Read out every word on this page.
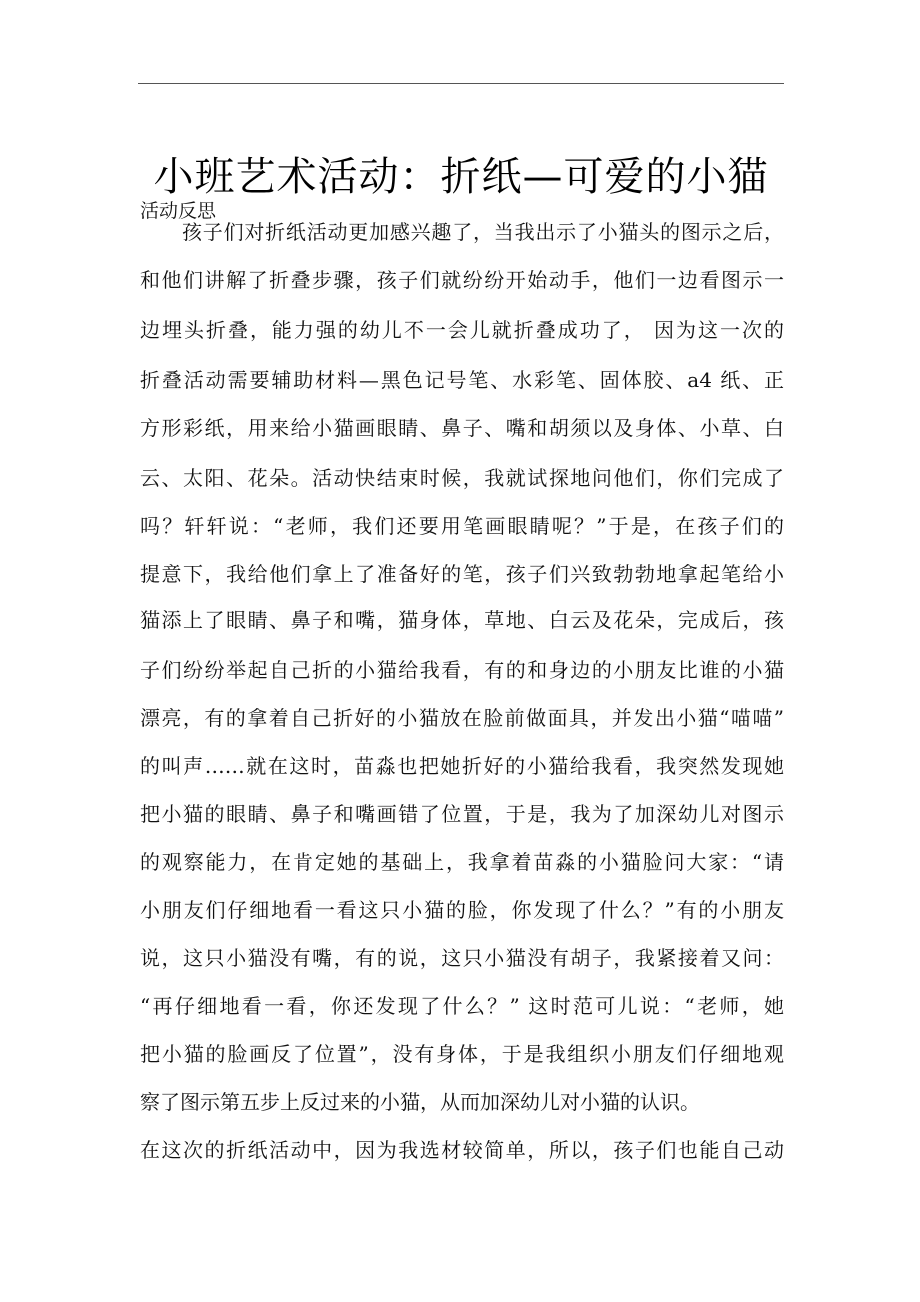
小班艺术活动：折纸—可爱的小猫
活动反思
孩子们对折纸活动更加感兴趣了，当我出示了小猫头的图示之后，
和他们讲解了折叠步骤，孩子们就纷纷开始动手，他们一边看图示一
边埋头折叠，能力强的幼儿不一会儿就折叠成功了， 因为这一次的
折叠活动需要辅助材料—黑色记号笔、水彩笔、固体胶、a4 纸、正
方形彩纸，用来给小猫画眼睛、鼻子、嘴和胡须以及身体、小草、白
云、太阳、花朵。活动快结束时候，我就试探地问他们，你们完成了
吗？轩轩说：“老师，我们还要用笔画眼睛呢？”于是，在孩子们的
提意下，我给他们拿上了准备好的笔，孩子们兴致勃勃地拿起笔给小
猫添上了眼睛、鼻子和嘴，猫身体，草地、白云及花朵，完成后，孩
子们纷纷举起自己折的小猫给我看，有的和身边的小朋友比谁的小猫
漂亮，有的拿着自己折好的小猫放在脸前做面具，并发出小猫“喵喵”
的叫声……就在这时，苗淼也把她折好的小猫给我看，我突然发现她
把小猫的眼睛、鼻子和嘴画错了位置，于是，我为了加深幼儿对图示
的观察能力，在肯定她的基础上，我拿着苗淼的小猫脸问大家：“请
小朋友们仔细地看一看这只小猫的脸，你发现了什么？”有的小朋友
说，这只小猫没有嘴，有的说，这只小猫没有胡子，我紧接着又问：
“再仔细地看一看，你还发现了什么？” 这时范可儿说：“老师，她
把小猫的脸画反了位置”，没有身体，于是我组织小朋友们仔细地观
察了图示第五步上反过来的小猫，从而加深幼儿对小猫的认识。
在这次的折纸活动中，因为我选材较简单，所以，孩子们也能自己动
